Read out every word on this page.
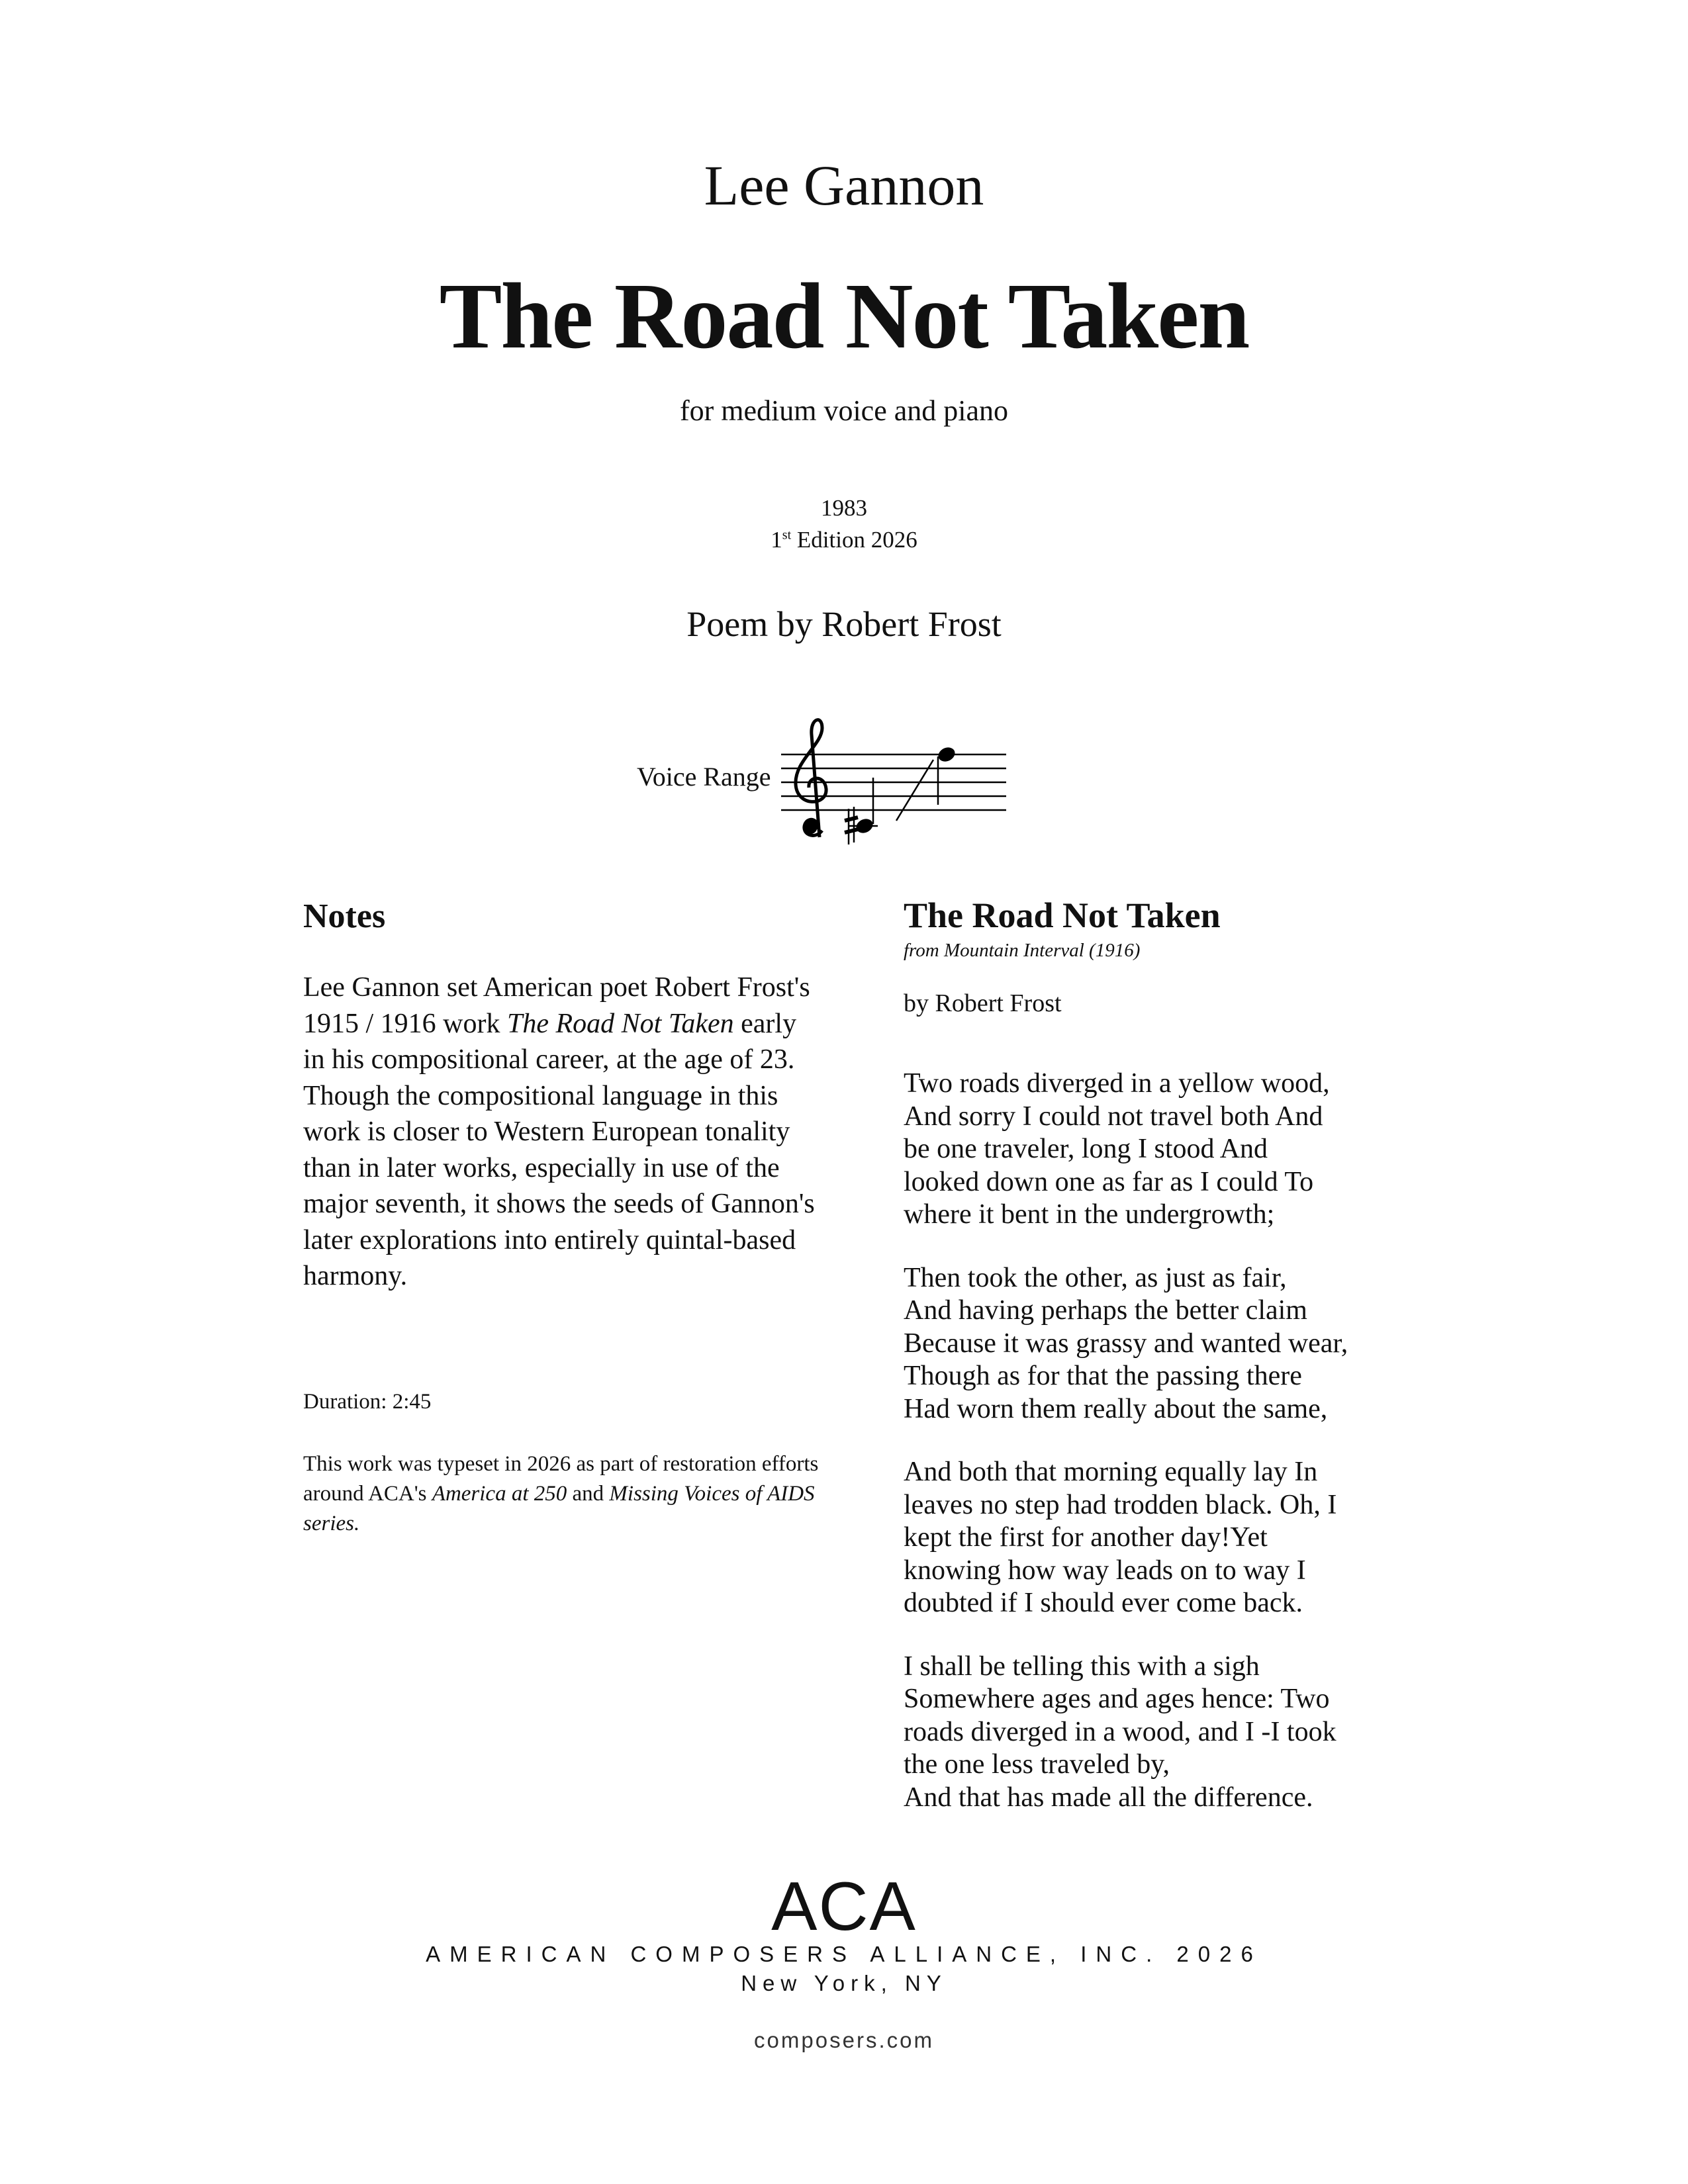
Lee Gannon
The Road Not Taken
for medium voice and piano
1983
1st Edition 2026
Poem by Robert Frost
Voice Range
Notes
Lee Gannon set American poet Robert Frost's 1915 / 1916 work The Road Not Taken early in his compositional career, at the age of 23. Though the compositional language in this work is closer to Western European tonality than in later works, especially in use of the major seventh, it shows the seeds of Gannon's later explorations into entirely quintal-based harmony.
Duration: 2:45
This work was typeset in 2026 as part of restoration efforts around ACA's America at 250 and Missing Voices of AIDS series.
The Road Not Taken
from Mountain Interval (1916)
by Robert Frost
Two roads diverged in a yellow wood,
And sorry I could not travel both And
be one traveler, long I stood And
looked down one as far as I could To
where it bent in the undergrowth;
Then took the other, as just as fair,
And having perhaps the better claim
Because it was grassy and wanted wear,
Though as for that the passing there
Had worn them really about the same,
And both that morning equally lay In
leaves no step had trodden black. Oh, I
kept the first for another day!Yet
knowing how way leads on to way I
doubted if I should ever come back.
I shall be telling this with a sigh
Somewhere ages and ages hence: Two
roads diverged in a wood, and I -I took
the one less traveled by,
And that has made all the difference.
ACA
AMERICAN COMPOSERS ALLIANCE, INC. 2026
New York, NY
composers.com
